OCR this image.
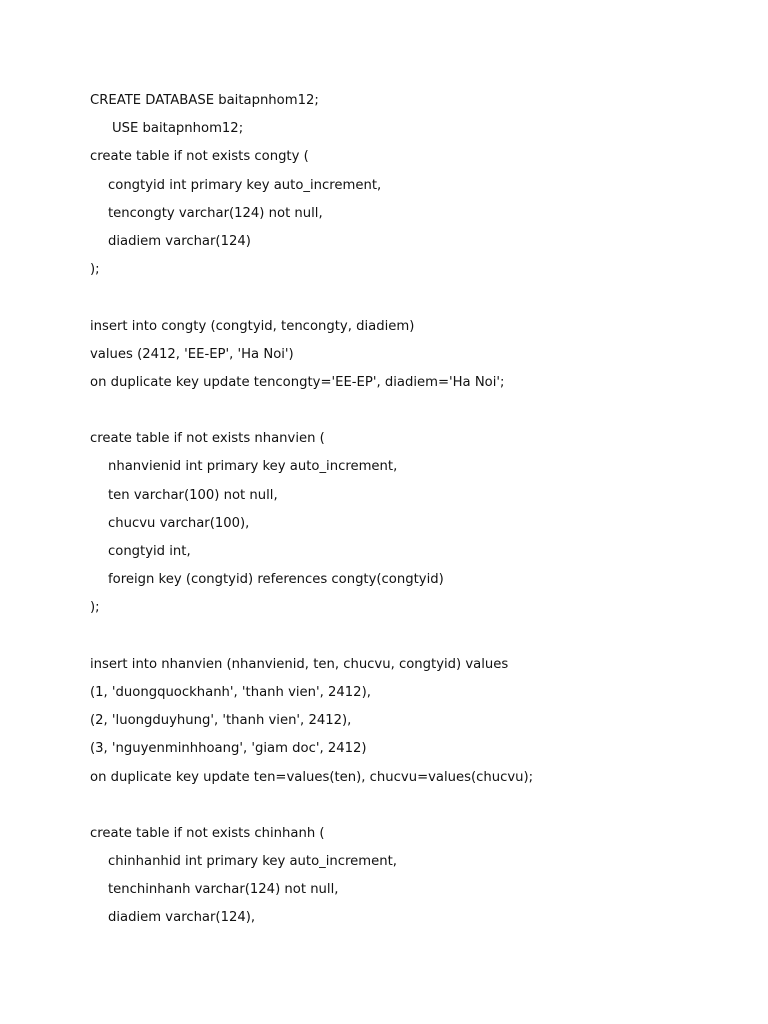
CREATE DATABASE baitapnhom12;
USE baitapnhom12;
create table if not exists congty (
congtyid int primary key auto_increment,
tencongty varchar(124) not null,
diadiem varchar(124)
);
insert into congty (congtyid, tencongty, diadiem)
values (2412, 'EE-EP', 'Ha Noi')
on duplicate key update tencongty='EE-EP', diadiem='Ha Noi';
create table if not exists nhanvien (
nhanvienid int primary key auto_increment,
ten varchar(100) not null,
chucvu varchar(100),
congtyid int,
foreign key (congtyid) references congty(congtyid)
);
insert into nhanvien (nhanvienid, ten, chucvu, congtyid) values
(1, 'duongquockhanh', 'thanh vien', 2412),
(2, 'luongduyhung', 'thanh vien', 2412),
(3, 'nguyenminhhoang', 'giam doc', 2412)
on duplicate key update ten=values(ten), chucvu=values(chucvu);
create table if not exists chinhanh (
chinhanhid int primary key auto_increment,
tenchinhanh varchar(124) not null,
diadiem varchar(124),
